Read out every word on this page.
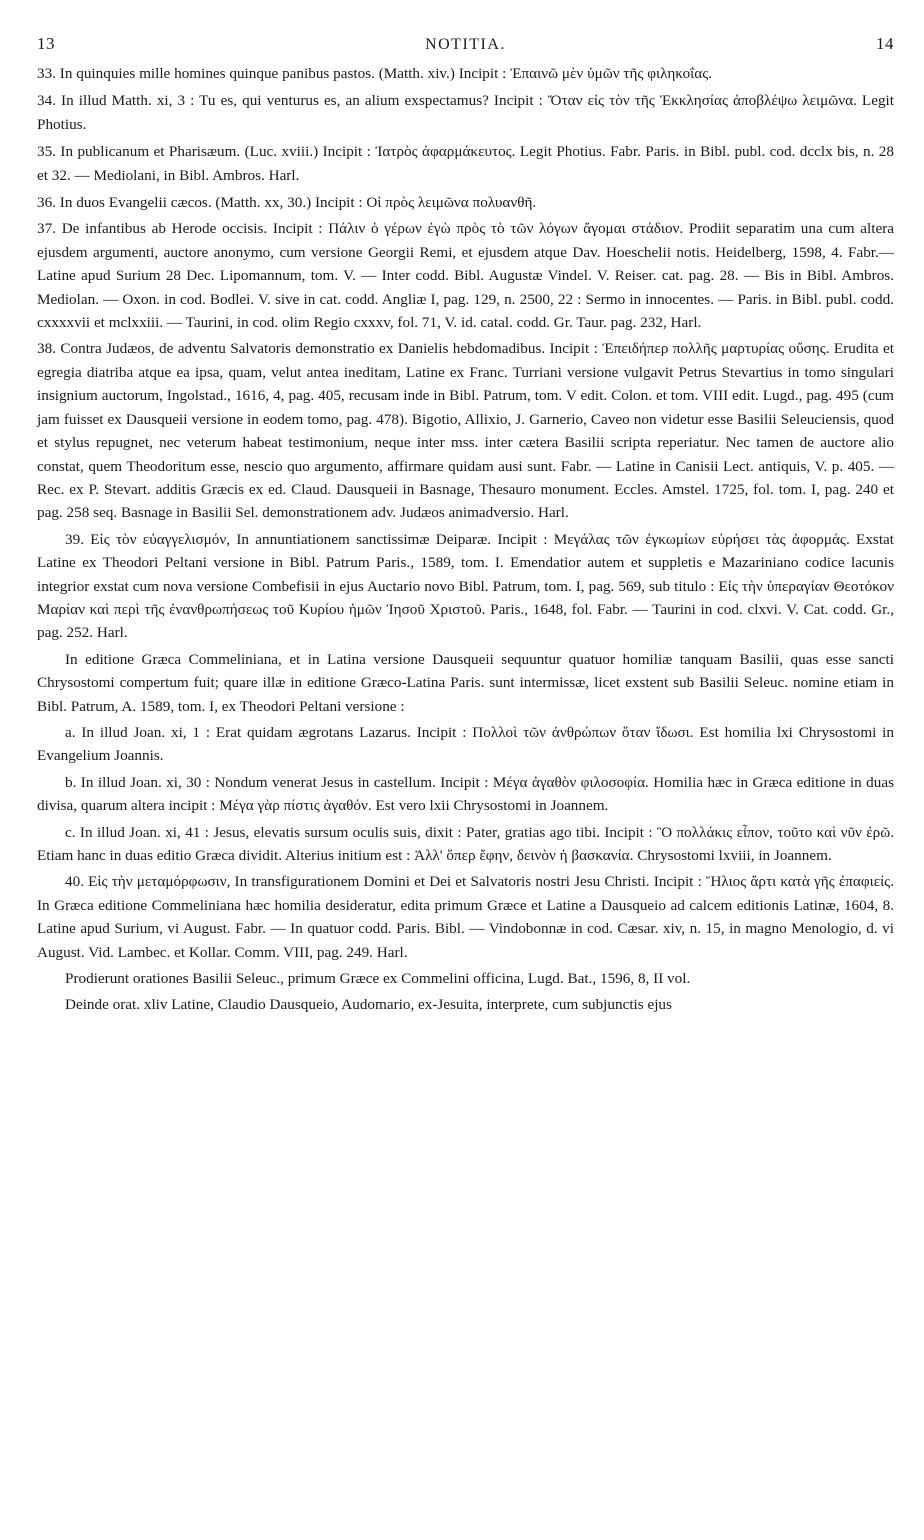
13	NOTITIA.	14

33. In quinquies mille homines quinque panibus pastos. (Matth. xiv.) Incipit : Ἐπαινῶ μὲν ὑμῶν τῆς φιληκοΐας.

34. In illud Matth. xi, 3 : Tu es, qui venturus es, an alium exspectamus? Incipit : Ὅταν εἰς τὸν τῆς Ἐκκλησίας ἀποβλέψω λειμῶνα. Legit Photius.

35. In publicanum et Pharisæum. (Luc. xviii.) Incipit : Ἰατρὸς ἀφαρμάκευτος. Legit Photius. Fabr. Paris. in Bibl. publ. cod. dcclx bis, n. 28 et 32. — Mediolani, in Bibl. Ambros. Harl.

36. In duos Evangelii cæcos. (Matth. xx, 30.) Incipit : Οἱ πρὸς λειμῶνα πολυανθῆ.

37. De infantibus ab Herode occisis. Incipit : Πάλιν ὁ γέρων ἐγὼ πρὸς τὸ τῶν λόγων ἄγομαι στάδιον. Prodiit separatim una cum altera ejusdem argumenti, auctore anonymo, cum versione Georgii Remi, et ejusdem atque Dav. Hoeschelii notis. Heidelberg, 1598, 4. Fabr.—Latine apud Surium 28 Dec. Lipomannum, tom. V. — Inter codd. Bibl. Augustæ Vindel. V. Reiser. cat. pag. 28. — Bis in Bibl. Ambros. Mediolan. — Oxon. in cod. Bodlei. V. sive in cat. codd. Angliæ I, pag. 129, n. 2500, 22 : Sermo in innocentes. — Paris. in Bibl. publ. codd. cxxxxvii et mclxxiii. — Taurini, in cod. olim Regio cxxxv, fol. 71, V. id. catal. codd. Gr. Taur. pag. 232, Harl.

38. Contra Judæos, de adventu Salvatoris demonstratio ex Danielis hebdomadibus. Incipit : Ἐπειδήπερ πολλῆς μαρτυρίας οὔσης. Erudita et egregia diatriba atque ea ipsa, quam, velut antea ineditam, Latine ex Franc. Turriani versione vulgavit Petrus Stevartius in tomo singulari insignium auctorum, Ingolstad., 1616, 4, pag. 405, recusam inde in Bibl. Patrum, tom. V edit. Colon. et tom. VIII edit. Lugd., pag. 495 (cum jam fuisset ex Dausqueii versione in eodem tomo, pag. 478). Bigotio, Allixio, J. Garnerio, Caveo non videtur esse Basilii Seleuciensis, quod et stylus repugnet, nec veterum habeat testimonium, neque inter mss. inter cætera Basilii scripta reperiatur. Nec tamen de auctore alio constat, quem Theodoritum esse, nescio quo argumento, affirmare quidam ausi sunt. Fabr. — Latine in Canisii Lect. antiquis, V. p. 405. — Rec. ex P. Stevart. additis Græcis ex ed. Claud. Dausqueii in Basnage, Thesauro monument. Eccles. Amstel. 1725, fol. tom. I, pag. 240 et pag. 258 seq. Basnage in Basilii Sel. demonstrationem adv. Judæos animadversio. Harl.

39. Εἰς τὸν εὐαγγελισμόν, In annuntiationem sanctissimæ Deiparæ. Incipit : Μεγάλας τῶν ἐγκωμίων εὑρήσει τὰς ἀφορμάς. Exstat Latine ex Theodori Peltani versione in Bibl. Patrum Paris., 1589, tom. I. Emendatior autem et suppletis e Mazariniano codice lacunis integrior exstat cum nova versione Combefisii in ejus Auctario novo Bibl. Patrum, tom. I, pag. 569, sub titulo : Εἰς τὴν ὑπεραγίαν Θεοτόκον Μαρίαν καὶ περὶ τῆς ἐνανθρωπήσεως τοῦ Κυρίου ἡμῶν Ἰησοῦ Χριστοῦ. Paris., 1648, fol. Fabr. — Taurini in cod. clxvi. V. Cat. codd. Gr., pag. 252. Harl.

In editione Græca Commeliniana, et in Latina versione Dausqueii sequuntur quatuor homiliæ tanquam Basilii, quas esse sancti Chrysostomi compertum fuit; quare illæ in editione Græco-Latina Paris. sunt intermissæ, licet exstent sub Basilii Seleuc. nomine etiam in Bibl. Patrum, A. 1589, tom. I, ex Theodori Peltani versione :

a. In illud Joan. xi, 1 : Erat quidam ægrotans Lazarus. Incipit : Πολλοὶ τῶν ἀνθρώπων ὅταν ἴδωσι. Est homilia lxi Chrysostomi in Evangelium Joannis.

b. In illud Joan. xi, 30 : Nondum venerat Jesus in castellum. Incipit : Μέγα ἀγαθὸν φιλοσοφία. Homilia hæc in Græca editione in duas divisa, quarum altera incipit : Μέγα γὰρ πίστις ἀγαθόν. Est vero lxii Chrysostomi in Joannem.

c. In illud Joan. xi, 41 : Jesus, elevatis sursum oculis suis, dixit : Pater, gratias ago tibi. Incipit : Ὃ πολλάκις εἶπον, τοῦτο καὶ νῦν ἐρῶ. Etiam hanc in duas editio Græca dividit. Alterius initium est : Ἀλλ' ὅπερ ἔφην, δεινὸν ἡ βασκανία. Chrysostomi lxviii, in Joannem.

40. Εἰς τὴν μεταμόρφωσιν, In transfigurationem Domini et Dei et Salvatoris nostri Jesu Christi. Incipit : Ἥλιος ἄρτι κατὰ γῆς ἐπαφιείς. In Græca editione Commeliniana hæc homilia desideratur, edita primum Græce et Latine a Dausqueio ad calcem editionis Latinæ, 1604, 8. Latine apud Surium, vi August. Fabr. — In quatuor codd. Paris. Bibl. — Vindobonnæ in cod. Cæsar. xiv, n. 15, in magno Menologio, d. vi August. Vid. Lambec. et Kollar. Comm. VIII, pag. 249. Harl.

Prodierunt orationes Basilii Seleuc., primum Græce ex Commelini officina, Lugd. Bat., 1596, 8, II vol.

Deinde orat. xliv Latine, Claudio Dausqueio, Audomario, ex-Jesuita, interprete, cum subjunctis ejus
